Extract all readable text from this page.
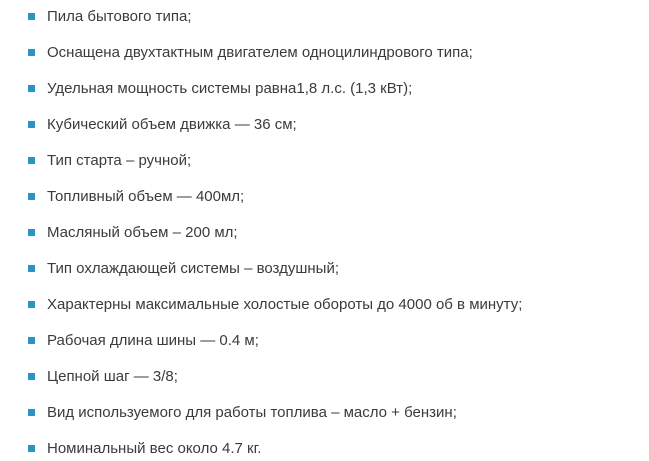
Пила бытового типа;
Оснащена двухтактным двигателем одноцилиндрового типа;
Удельная мощность системы равна1,8 л.с. (1,3 кВт);
Кубический объем движка — 36 см;
Тип старта – ручной;
Топливный объем — 400мл;
Масляный объем – 200 мл;
Тип охлаждающей системы – воздушный;
Характерны максимальные холостые обороты до 4000 об в минуту;
Рабочая длина шины — 0.4 м;
Цепной шаг — 3/8;
Вид используемого для работы топлива – масло + бензин;
Номинальный вес около 4.7 кг.
